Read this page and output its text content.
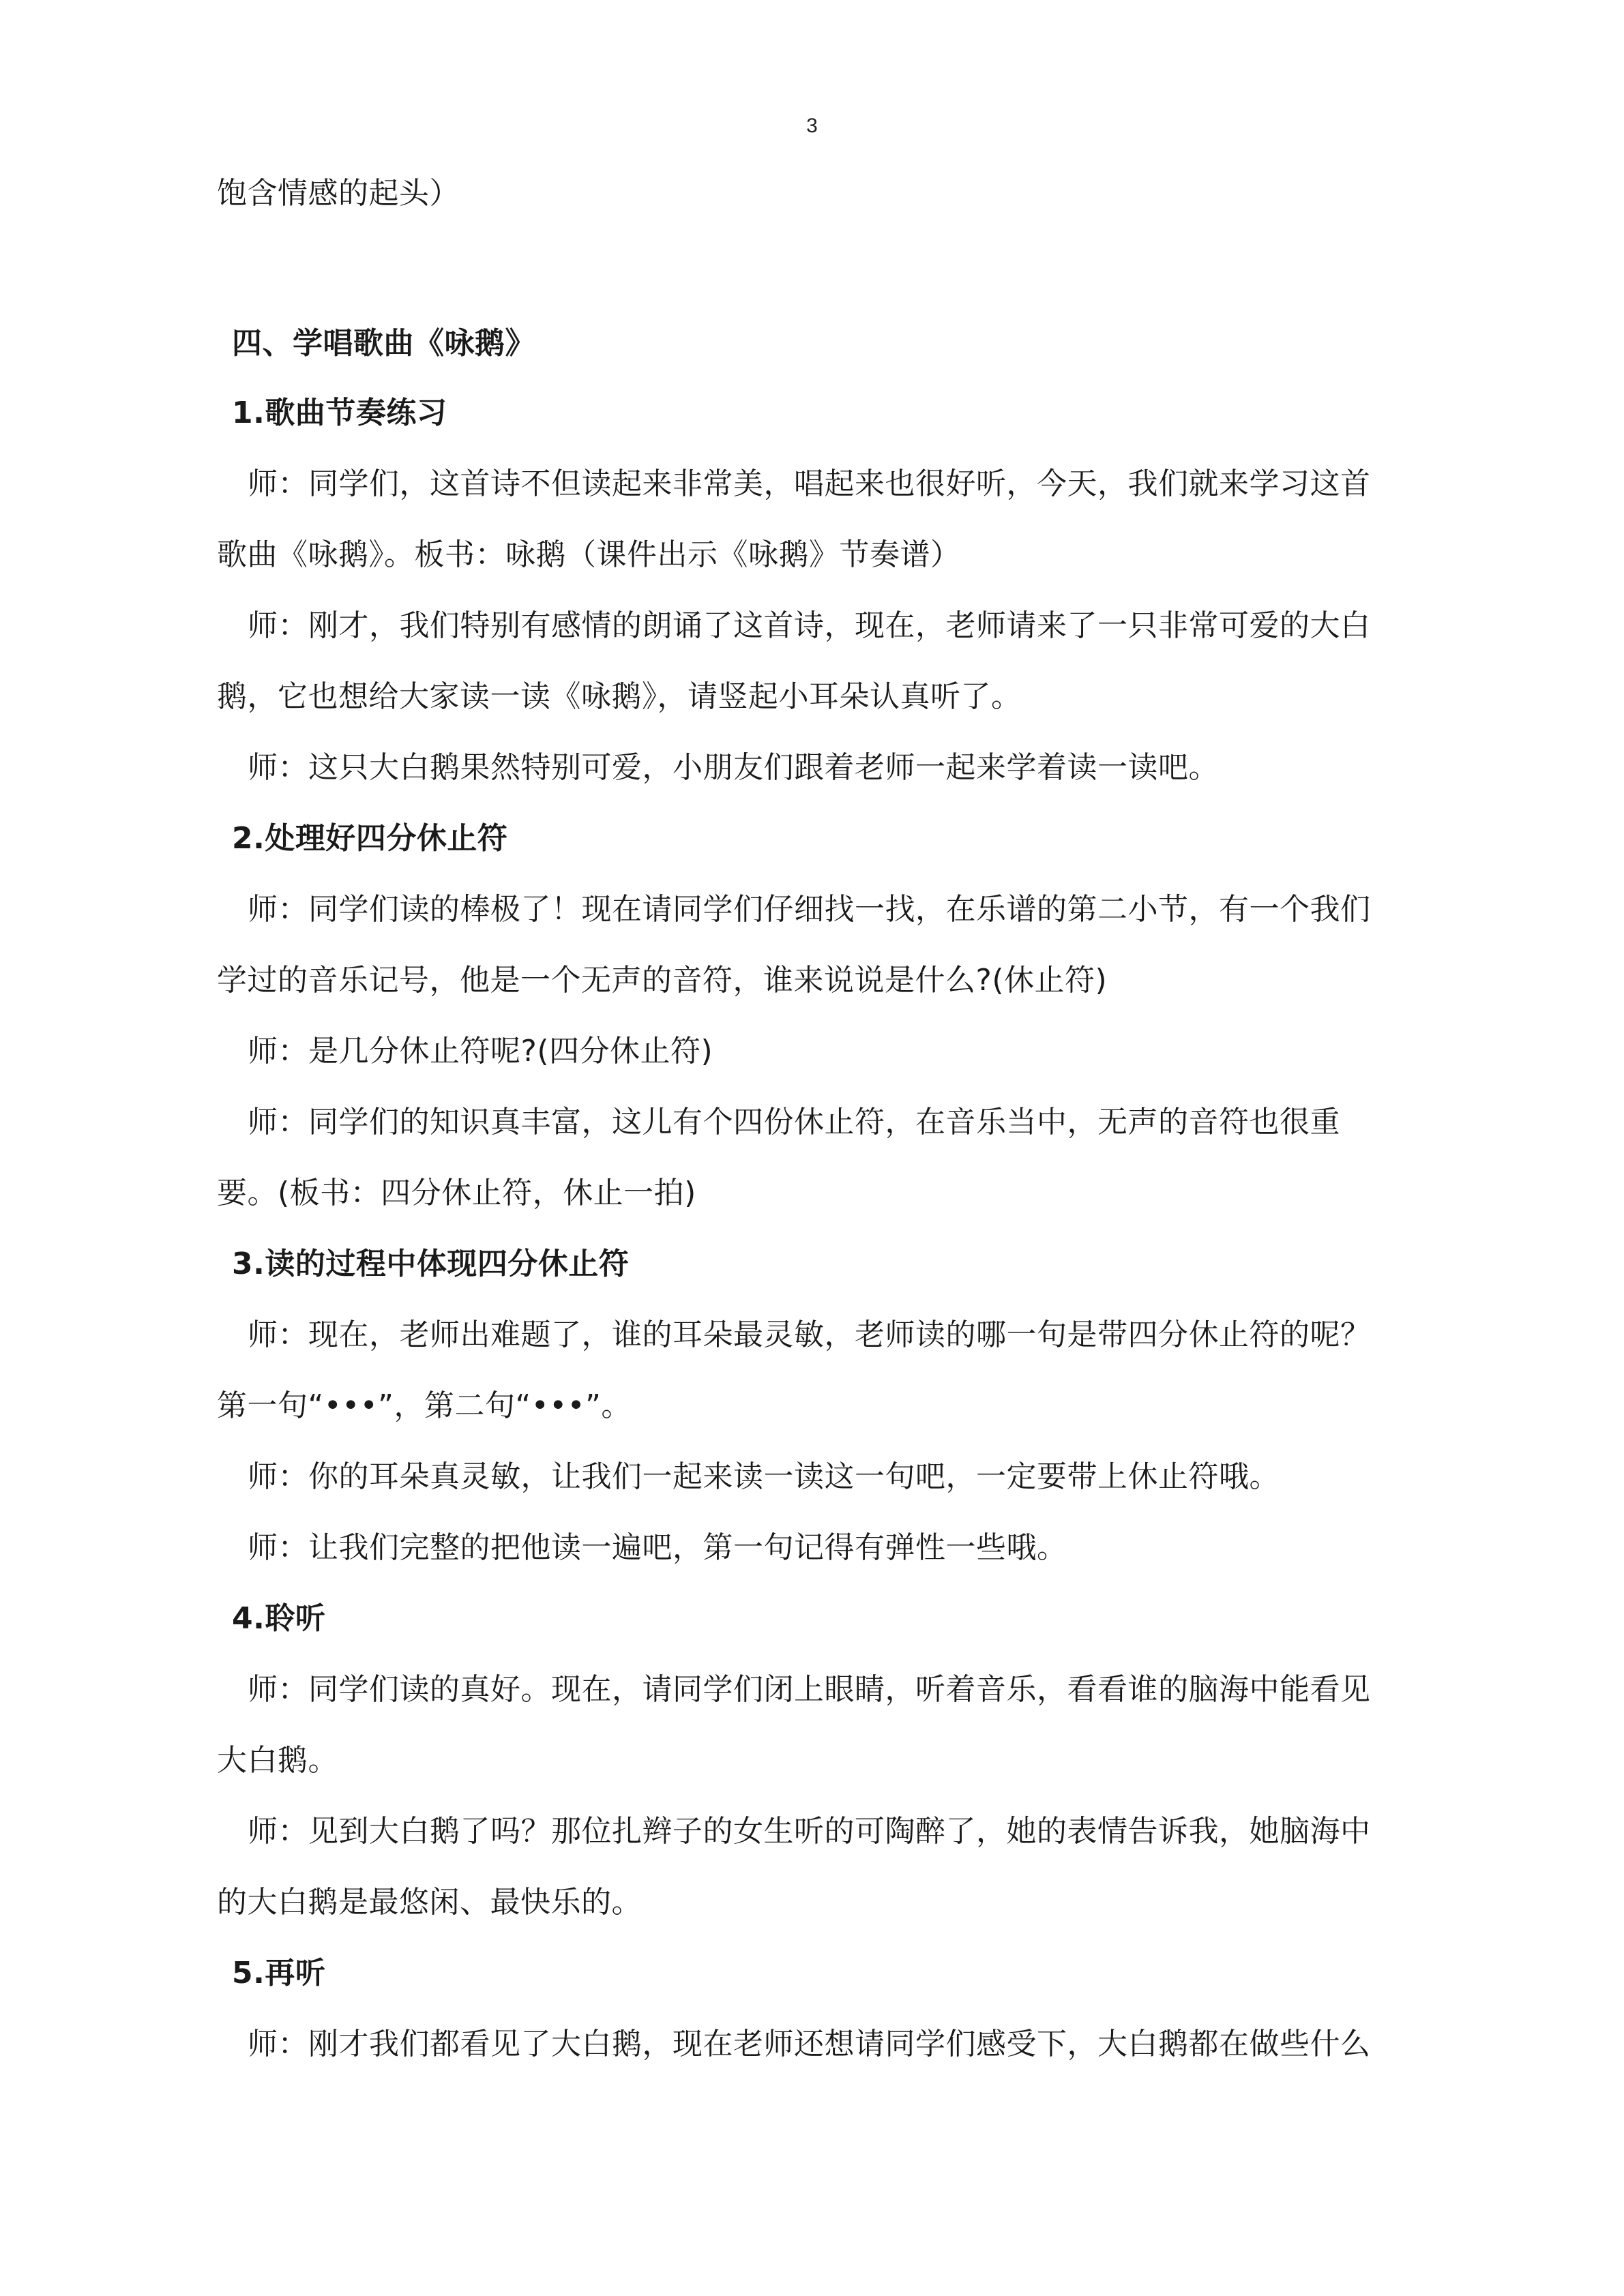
3
饱含情感的起头）
四、学唱歌曲《咏鹅》
1.歌曲节奏练习
师：同学们，这首诗不但读起来非常美，唱起来也很好听，今天，我们就来学习这首
歌曲《咏鹅》。板书：咏鹅（课件出示《咏鹅》节奏谱）
师：刚才，我们特别有感情的朗诵了这首诗，现在，老师请来了一只非常可爱的大白
鹅，它也想给大家读一读《咏鹅》，请竖起小耳朵认真听了。
师：这只大白鹅果然特别可爱，小朋友们跟着老师一起来学着读一读吧。
2.处理好四分休止符
师：同学们读的棒极了！现在请同学们仔细找一找，在乐谱的第二小节，有一个我们
学过的音乐记号，他是一个无声的音符，谁来说说是什么?(休止符)
师：是几分休止符呢?(四分休止符)
师：同学们的知识真丰富，这儿有个四份休止符，在音乐当中，无声的音符也很重
要。(板书：四分休止符，休止一拍)
3.读的过程中体现四分休止符
师：现在，老师出难题了，谁的耳朵最灵敏，老师读的哪一句是带四分休止符的呢？
第一句“•••”，第二句“•••”。
师：你的耳朵真灵敏，让我们一起来读一读这一句吧，一定要带上休止符哦。
师：让我们完整的把他读一遍吧，第一句记得有弹性一些哦。
4.聆听
师：同学们读的真好。现在，请同学们闭上眼睛，听着音乐，看看谁的脑海中能看见
大白鹅。
师：见到大白鹅了吗？那位扎辫子的女生听的可陶醉了，她的表情告诉我，她脑海中
的大白鹅是最悠闲、最快乐的。
5.再听
师：刚才我们都看见了大白鹅，现在老师还想请同学们感受下，大白鹅都在做些什么
